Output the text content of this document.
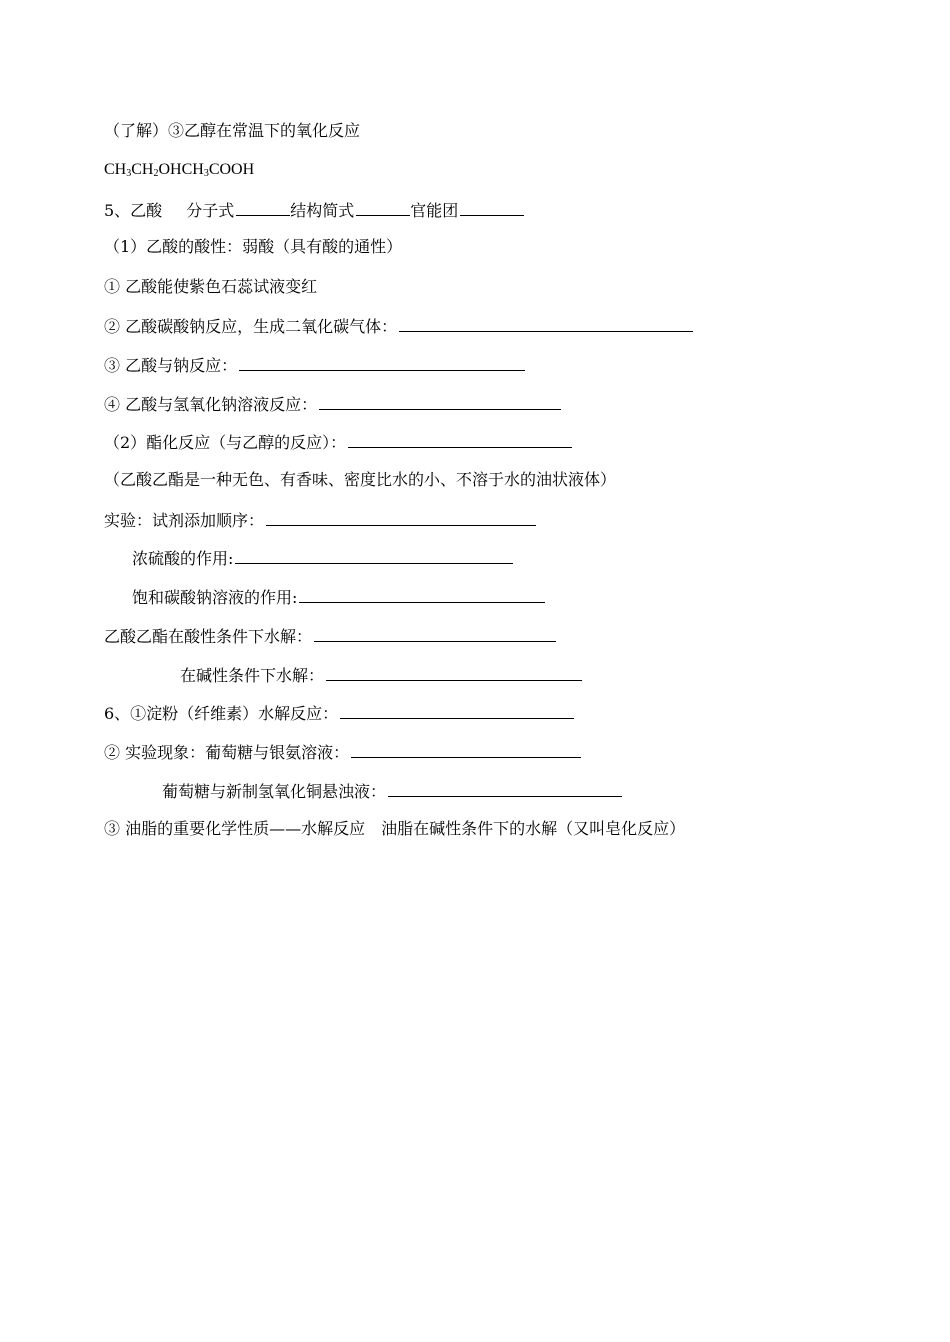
（了解）③乙醇在常温下的氧化反应
$CH_3CH_2OHCH_3COOH$
5、乙酸 分子式	结构简式	官能团
（1）乙酸的酸性：弱酸（具有酸的通性）
① 乙酸能使紫色石蕊试液变红
② 乙酸碳酸钠反应，生成二氧化碳气体：
③ 乙酸与钠反应：
④ 乙酸与氢氧化钠溶液反应：
（2）酯化反应（与乙醇的反应）：
（乙酸乙酯是一种无色、有香味、密度比水的小、不溶于水的油状液体）
实验：试剂添加顺序：
浓硫酸的作用:
饱和碳酸钠溶液的作用:
乙酸乙酯在酸性条件下水解：
在碱性条件下水解：
6、①淀粉（纤维素）水解反应：
② 实验现象：葡萄糖与银氨溶液：
葡萄糖与新制氢氧化铜悬浊液：
③ 油脂的重要化学性质——水解反应　油脂在碱性条件下的水解（又叫皂化反应）
